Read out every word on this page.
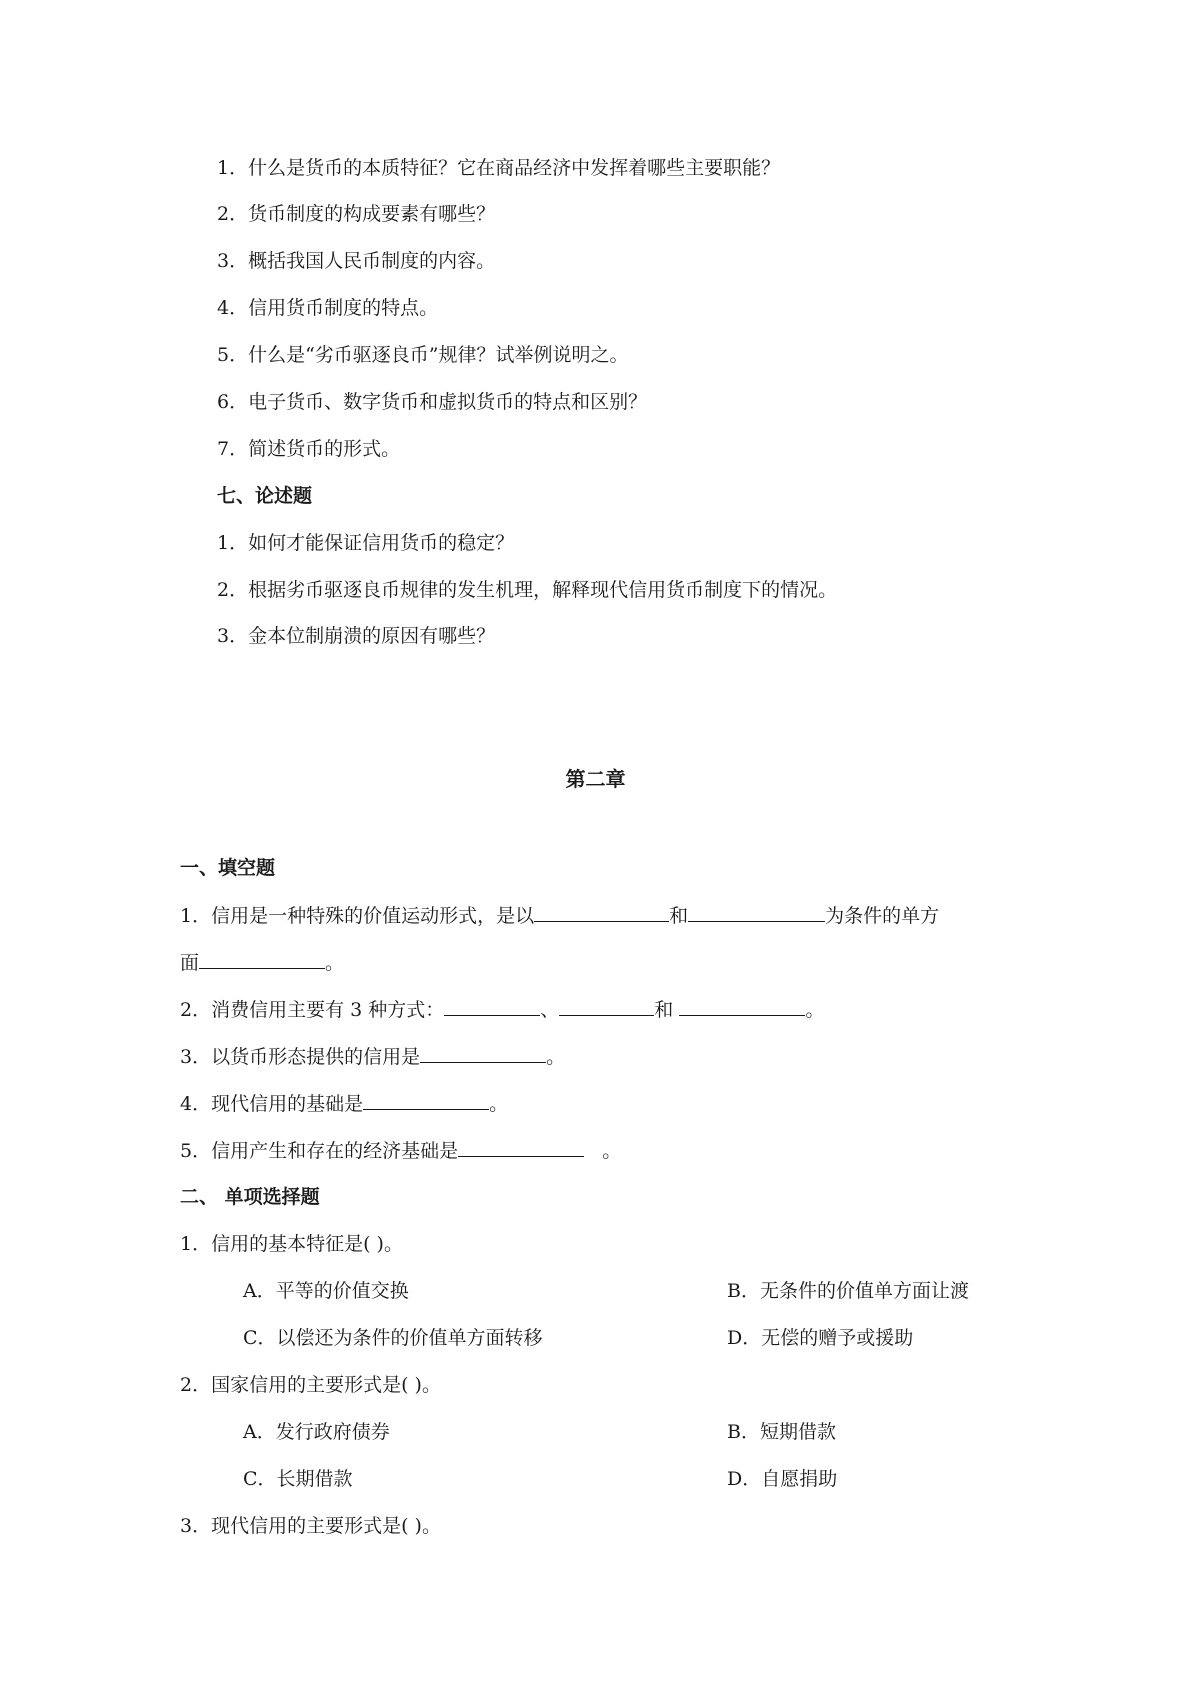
1．什么是货币的本质特征？它在商品经济中发挥着哪些主要职能？
2．货币制度的构成要素有哪些？
3．概括我国人民币制度的内容。
4．信用货币制度的特点。
5．什么是“劣币驱逐良币”规律？试举例说明之。
6．电子货币、数字货币和虚拟货币的特点和区别？
7．简述货币的形式。
七、论述题
1．如何才能保证信用货币的稳定？
2．根据劣币驱逐良币规律的发生机理，解释现代信用货币制度下的情况。
3．金本位制崩溃的原因有哪些？
第二章
一、填空题
1．信用是一种特殊的价值运动形式，是以	和	为条件的单方
面	。
2．消费信用主要有 3 种方式：	、	和	。
3．以货币形态提供的信用是	。
4．现代信用的基础是	。
5．信用产生和存在的经济基础是	。
二、 单项选择题
1．信用的基本特征是( )。
A．平等的价值交换	B．无条件的价值单方面让渡
C．以偿还为条件的价值单方面转移	D．无偿的赠予或援助
2．国家信用的主要形式是( )。
A．发行政府债券	B．短期借款
C．长期借款	D．自愿捐助
3．现代信用的主要形式是( )。
